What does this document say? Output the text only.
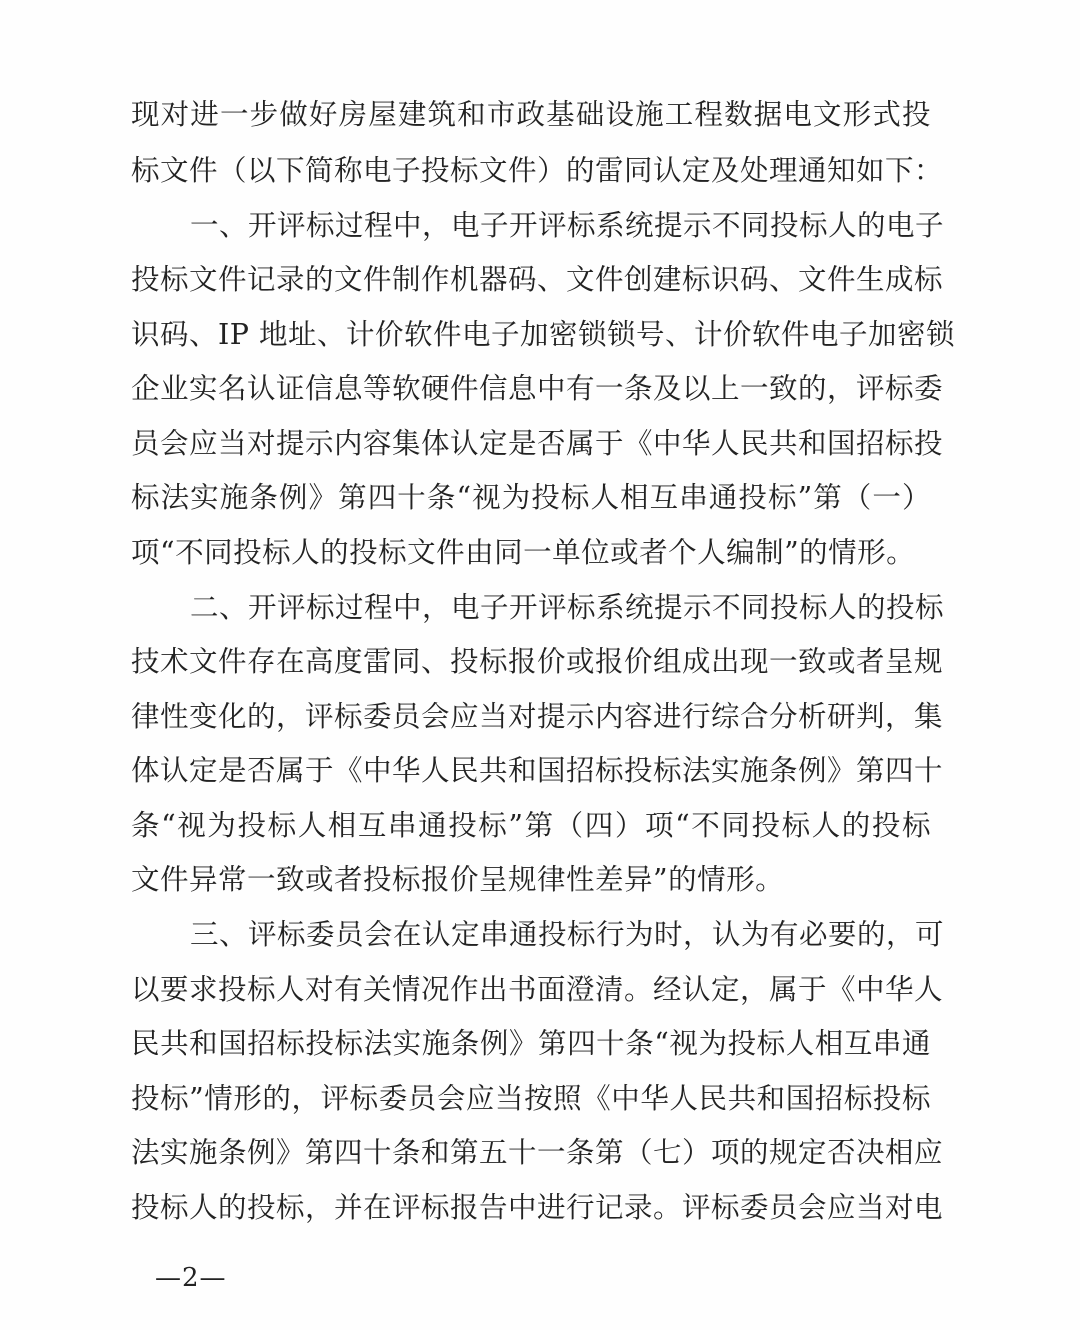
现对进一步做好房屋建筑和市政基础设施工程数据电文形式投
标文件（以下简称电子投标文件）的雷同认定及处理通知如下：
一、开评标过程中，电子开评标系统提示不同投标人的电子
投标文件记录的文件制作机器码、文件创建标识码、文件生成标
识码、IP 地址、计价软件电子加密锁锁号、计价软件电子加密锁
企业实名认证信息等软硬件信息中有一条及以上一致的，评标委
员会应当对提示内容集体认定是否属于《中华人民共和国招标投
标法实施条例》第四十条“视为投标人相互串通投标”第（一）
项“不同投标人的投标文件由同一单位或者个人编制”的情形。
二、开评标过程中，电子开评标系统提示不同投标人的投标
技术文件存在高度雷同、投标报价或报价组成出现一致或者呈规
律性变化的，评标委员会应当对提示内容进行综合分析研判，集
体认定是否属于《中华人民共和国招标投标法实施条例》第四十
条“视为投标人相互串通投标”第（四）项“不同投标人的投标
文件异常一致或者投标报价呈规律性差异”的情形。
三、评标委员会在认定串通投标行为时，认为有必要的，可
以要求投标人对有关情况作出书面澄清。经认定，属于《中华人
民共和国招标投标法实施条例》第四十条“视为投标人相互串通
投标”情形的，评标委员会应当按照《中华人民共和国招标投标
法实施条例》第四十条和第五十一条第（七）项的规定否决相应
投标人的投标，并在评标报告中进行记录。评标委员会应当对电
—2—
